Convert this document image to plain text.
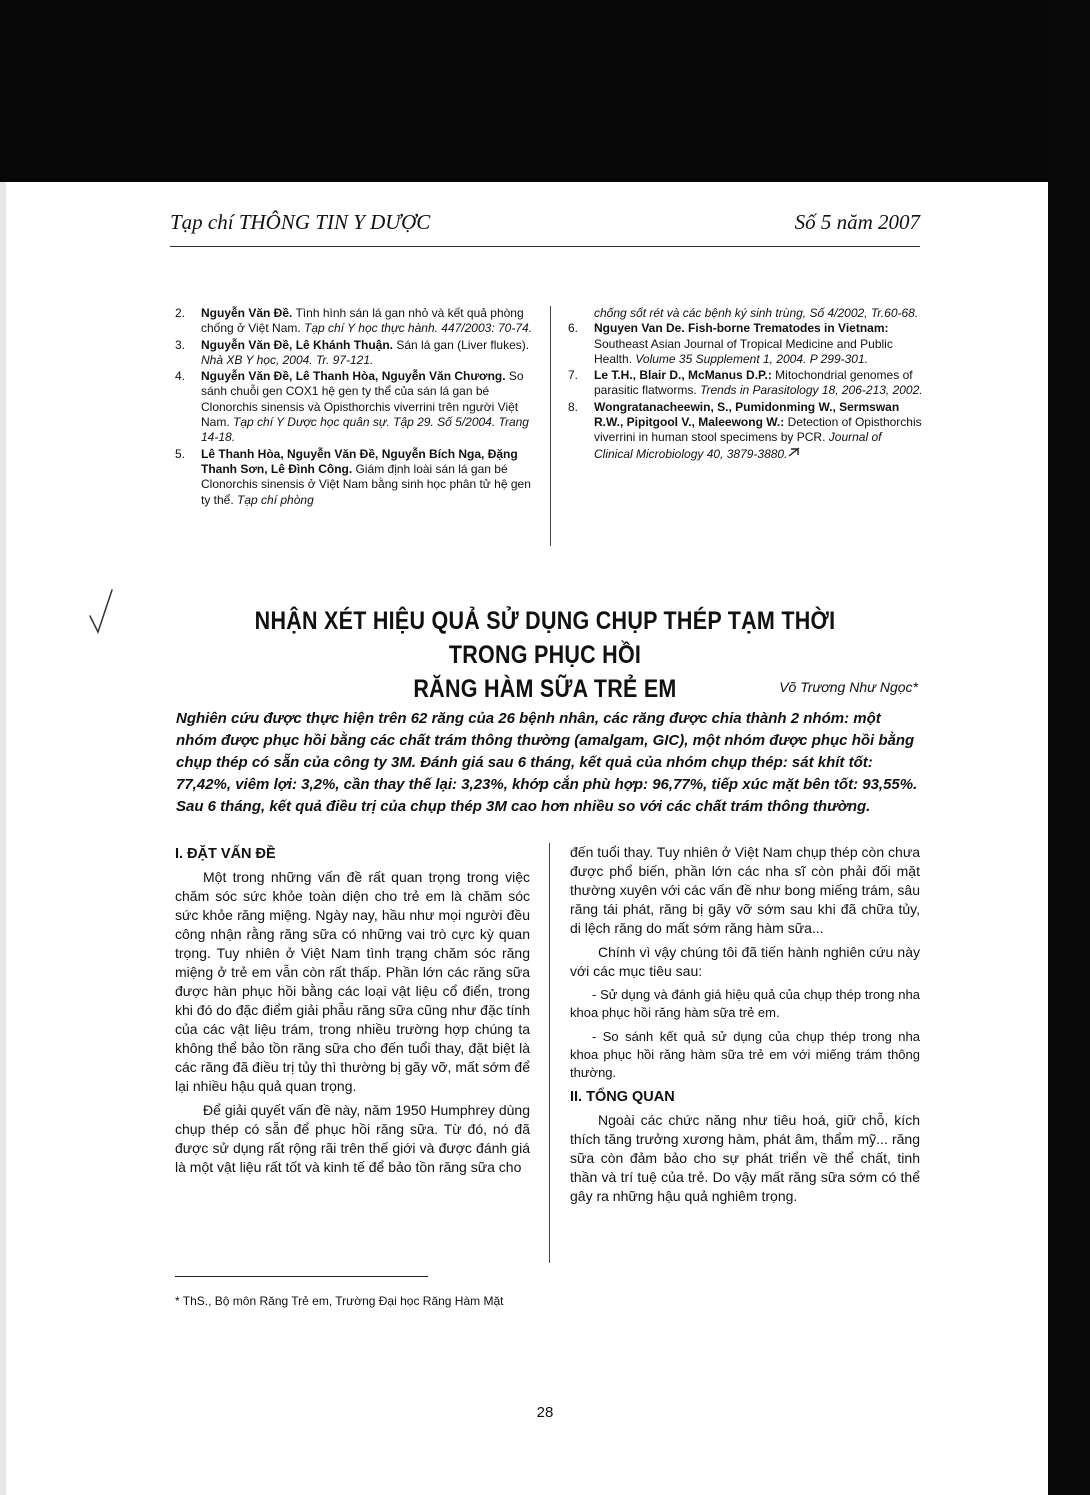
Tạp chí THÔNG TIN Y DƯỢC	Số 5 năm 2007
2. Nguyễn Văn Đề. Tình hình sán lá gan nhỏ và kết quả phòng chống ở Việt Nam. Tạp chí Y học thực hành. 447/2003: 70-74.
3. Nguyễn Văn Đề, Lê Khánh Thuận. Sán lá gan (Liver flukes). Nhà XB Y học, 2004. Tr. 97-121.
4. Nguyễn Văn Đề, Lê Thanh Hòa, Nguyễn Văn Chương. So sánh chuỗi gen COX1 hệ gen ty thể của sán lá gan bé Clonorchis sinensis và Opisthorchis viverrini trên người Việt Nam. Tạp chí Y Dược học quân sự. Tập 29. Số 5/2004. Trang 14-18.
5. Lê Thanh Hòa, Nguyễn Văn Đề, Nguyễn Bích Nga, Đặng Thanh Sơn, Lê Đình Công. Giám định loài sán lá gan bé Clonorchis sinensis ở Việt Nam bằng sinh học phân tử hệ gen ty thể. Tạp chí phòng
chống sốt rét và các bệnh ký sinh trùng, Số 4/2002, Tr.60-68.
6. Nguyen Van De. Fish-borne Trematodes in Vietnam: Southeast Asian Journal of Tropical Medicine and Public Health. Volume 35 Supplement 1, 2004. P 299-301.
7. Le T.H., Blair D., McManus D.P.: Mitochondrial genomes of parasitic flatworms. Trends in Parasitology 18, 206-213, 2002.
8. Wongratanacheewin, S., Pumidonming W., Sermswan R.W., Pipitgool V., Maleewong W.: Detection of Opisthorchis viverrini in human stool specimens by PCR. Journal of Clinical Microbiology 40, 3879-3880.
NHẬN XÉT HIỆU QUẢ SỬ DỤNG CHỤP THÉP TẠM THỜI TRONG PHỤC HỒI
RĂNG HÀM SỮA TRẺ EM	Võ Trương Như Ngọc*
Nghiên cứu được thực hiện trên 62 răng của 26 bệnh nhân, các răng được chia thành 2 nhóm: một nhóm được phục hồi bằng các chất trám thông thường (amalgam, GIC), một nhóm được phục hồi bằng chụp thép có sẵn của công ty 3M. Đánh giá sau 6 tháng, kết quả của nhóm chụp thép: sát khít tốt: 77,42%, viêm lợi: 3,2%, cần thay thế lại: 3,23%, khớp cắn phù hợp: 96,77%, tiếp xúc mặt bên tốt: 93,55%. Sau 6 tháng, kết quả điều trị của chụp thép 3M cao hơn nhiều so với các chất trám thông thường.
I. ĐẶT VẤN ĐỀ

Một trong những vấn đề rất quan trọng trong việc chăm sóc sức khỏe toàn diện cho trẻ em là chăm sóc sức khỏe răng miệng. Ngày nay, hầu như mọi người đều công nhận rằng răng sữa có những vai trò cực kỳ quan trọng. Tuy nhiên ở Việt Nam tình trạng chăm sóc răng miệng ở trẻ em vẫn còn rất thấp. Phần lớn các răng sữa được hàn phục hồi bằng các loại vật liệu cổ điển, trong khi đó do đặc điểm giải phẫu răng sữa cũng như đặc tính của các vật liệu trám, trong nhiều trường hợp chúng ta không thể bảo tồn răng sữa cho đến tuổi thay, đặt biệt là các răng đã điều trị tủy thì thường bị gãy vỡ, mất sớm để lại nhiều hậu quả quan trọng.

Để giải quyết vấn đề này, năm 1950 Humphrey dùng chụp thép có sẵn để phục hồi răng sữa. Từ đó, nó đã được sử dụng rất rộng rãi trên thế giới và được đánh giá là một vật liệu rất tốt và kinh tế để bảo tồn răng sữa cho

đến tuổi thay. Tuy nhiên ở Việt Nam chụp thép còn chưa được phổ biến, phần lớn các nha sĩ còn phải đối mặt thường xuyên với các vấn đề như bong miếng trám, sâu răng tái phát, răng bị gãy vỡ sớm sau khi đã chữa tủy, di lệch răng do mất sớm răng hàm sữa...

Chính vì vậy chúng tôi đã tiến hành nghiên cứu này với các mục tiêu sau:

- Sử dụng và đánh giá hiệu quả của chụp thép trong nha khoa phục hồi răng hàm sữa trẻ em.

- So sánh kết quả sử dụng của chụp thép trong nha khoa phục hồi răng hàm sữa trẻ em với miếng trám thông thường.

II. TỔNG QUAN

Ngoài các chức năng như tiêu hoá, giữ chỗ, kích thích tăng trưởng xương hàm, phát âm, thẩm mỹ... răng sữa còn đảm bảo cho sự phát triển về thể chất, tinh thần và trí tuệ của trẻ. Do vậy mất răng sữa sớm có thể gây ra những hậu quả nghiêm trọng.

* ThS., Bộ môn Răng Trẻ em, Trường Đại học Răng Hàm Mặt
28
